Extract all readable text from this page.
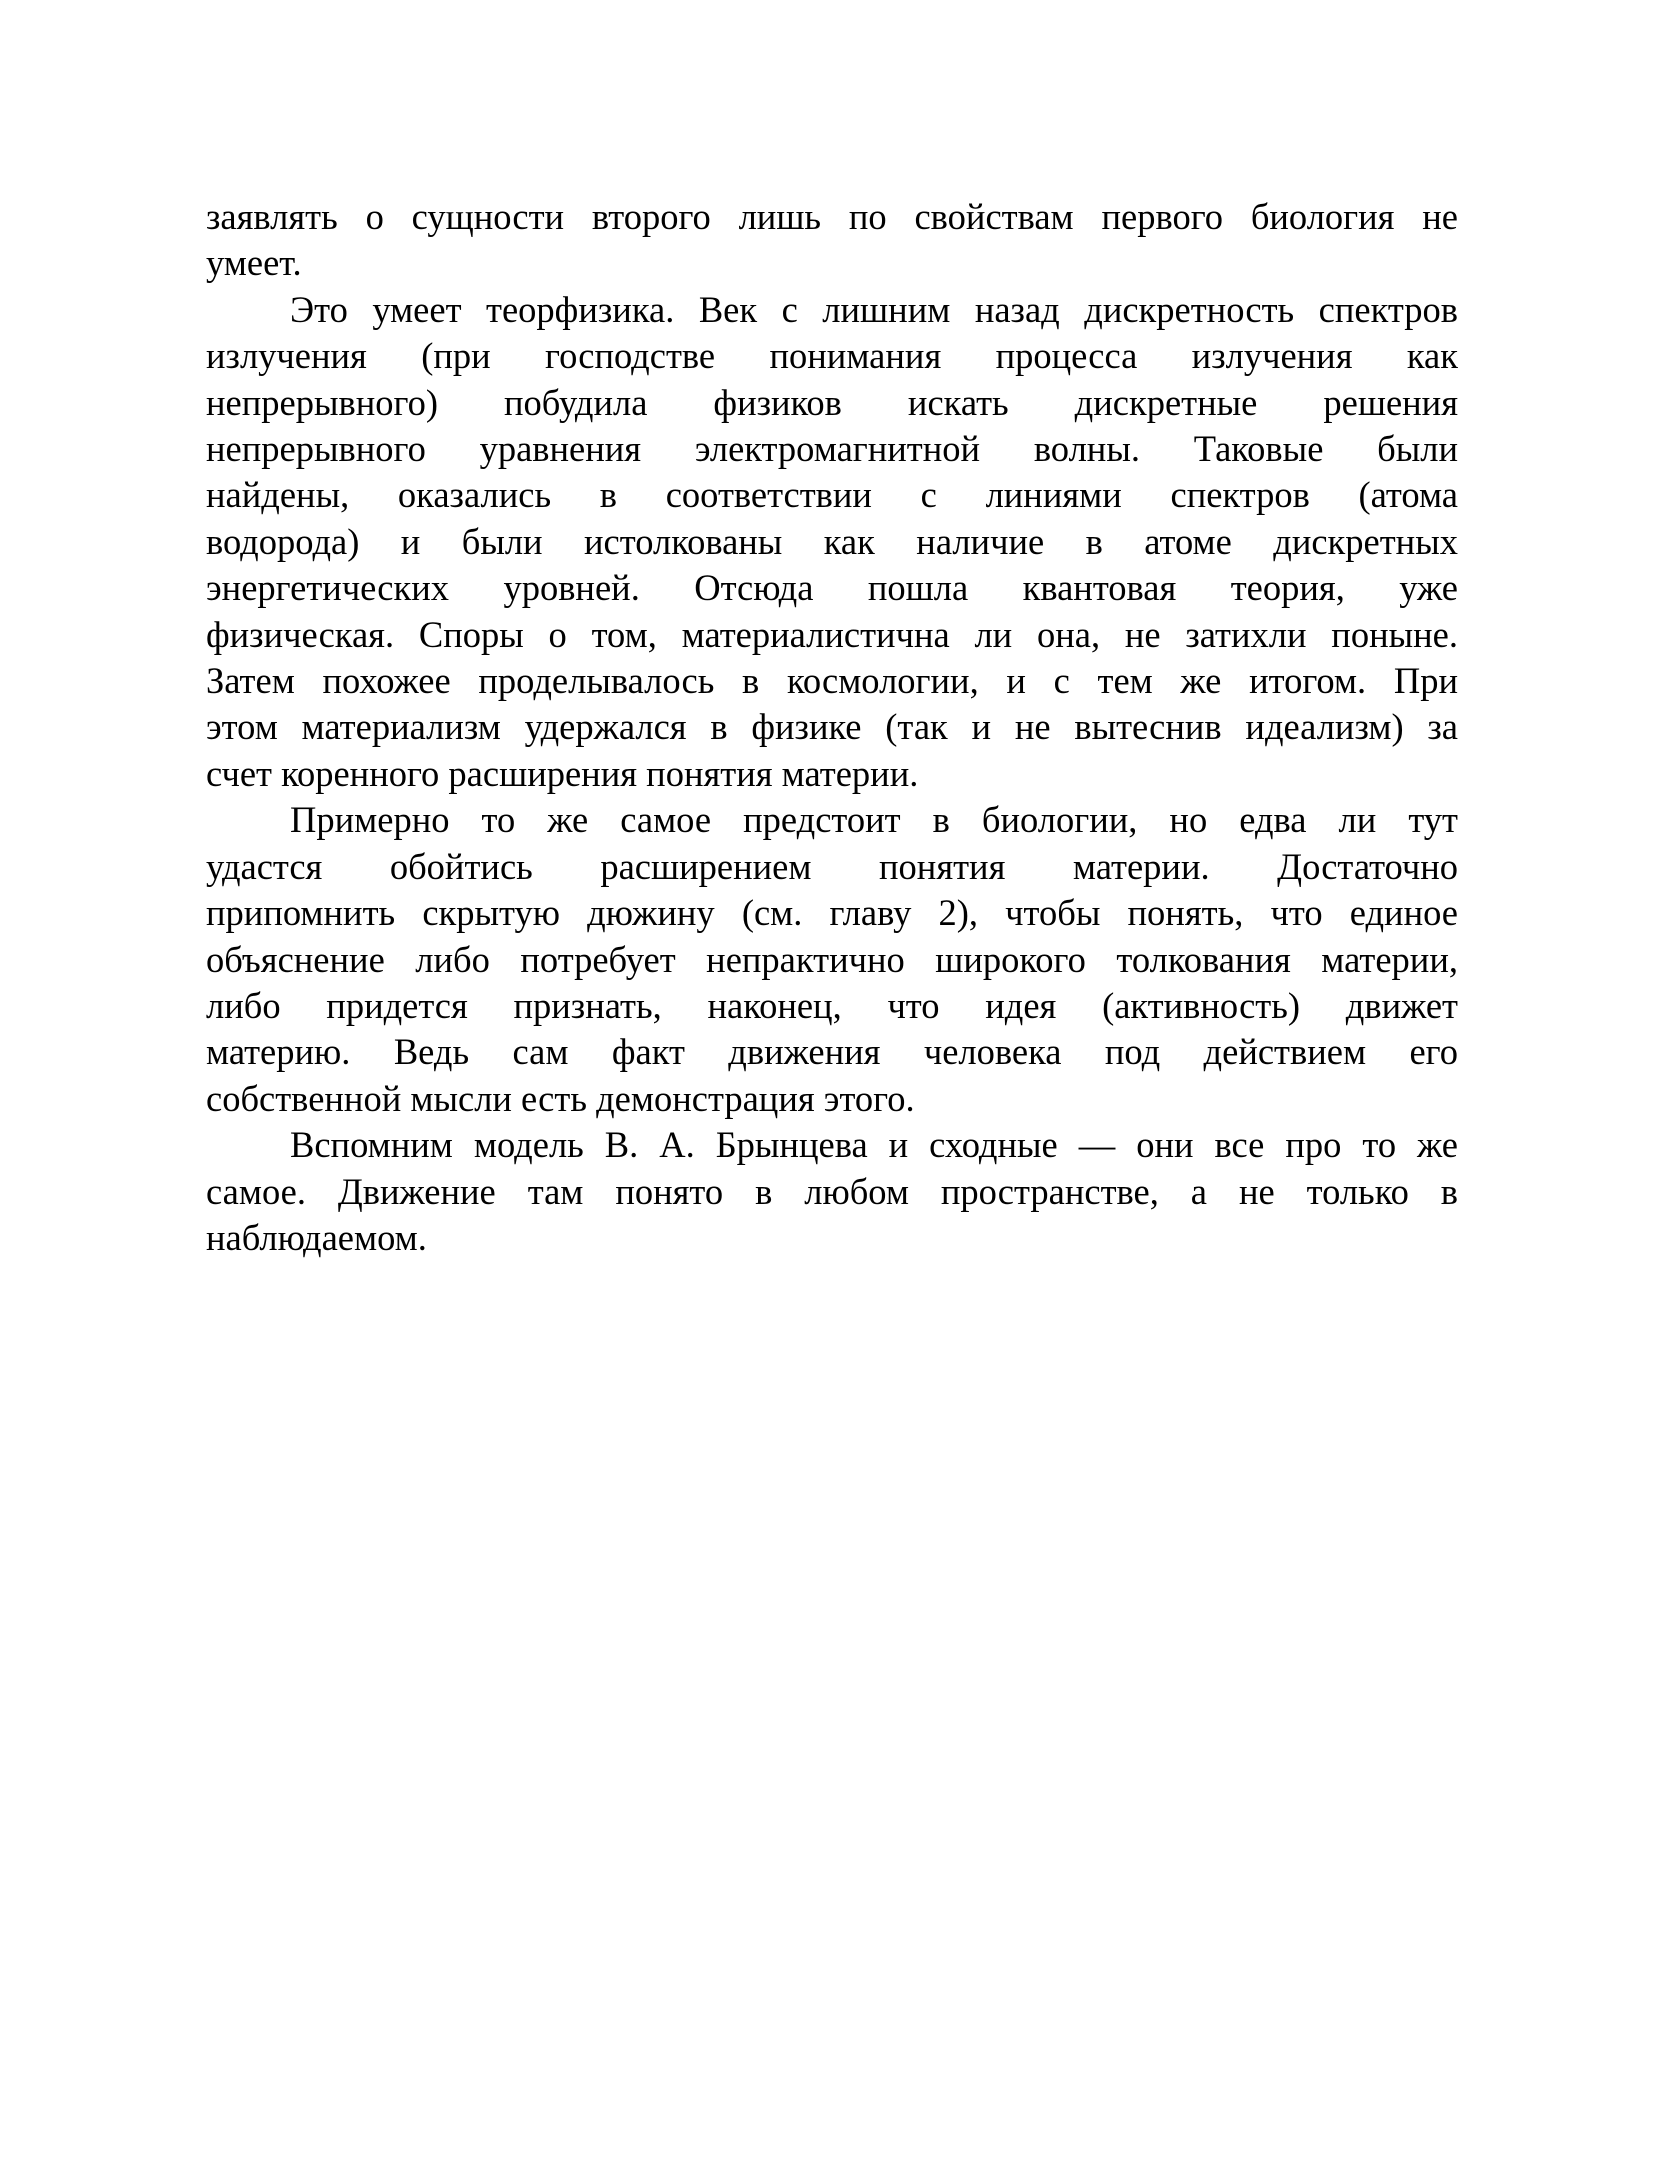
заявлять о сущности второго лишь по свойствам первого биология не
умеет.
Это умеет теорфизика. Век с лишним назад дискретность спектров
излучения (при господстве понимания процесса излучения как
непрерывного) побудила физиков искать дискретные решения
непрерывного уравнения электромагнитной волны. Таковые были
найдены, оказались в соответствии с линиями спектров (атома
водорода) и были истолкованы как наличие в атоме дискретных
энергетических уровней. Отсюда пошла квантовая теория, уже
физическая. Споры о том, материалистична ли она, не затихли поныне.
Затем похожее проделывалось в космологии, и с тем же итогом. При
этом материализм удержался в физике (так и не вытеснив идеализм) за
счет коренного расширения понятия материи.
Примерно то же самое предстоит в биологии, но едва ли тут
удастся обойтись расширением понятия материи. Достаточно
припомнить скрытую дюжину (см. главу 2), чтобы понять, что единое
объяснение либо потребует непрактично широкого толкования материи,
либо придется признать, наконец, что идея (активность) движет
материю. Ведь сам факт движения человека под действием его
собственной мысли есть демонстрация этого.
Вспомним модель В. А. Брынцева и сходные — они все про то же
самое. Движение там понято в любом пространстве, а не только в
наблюдаемом.
